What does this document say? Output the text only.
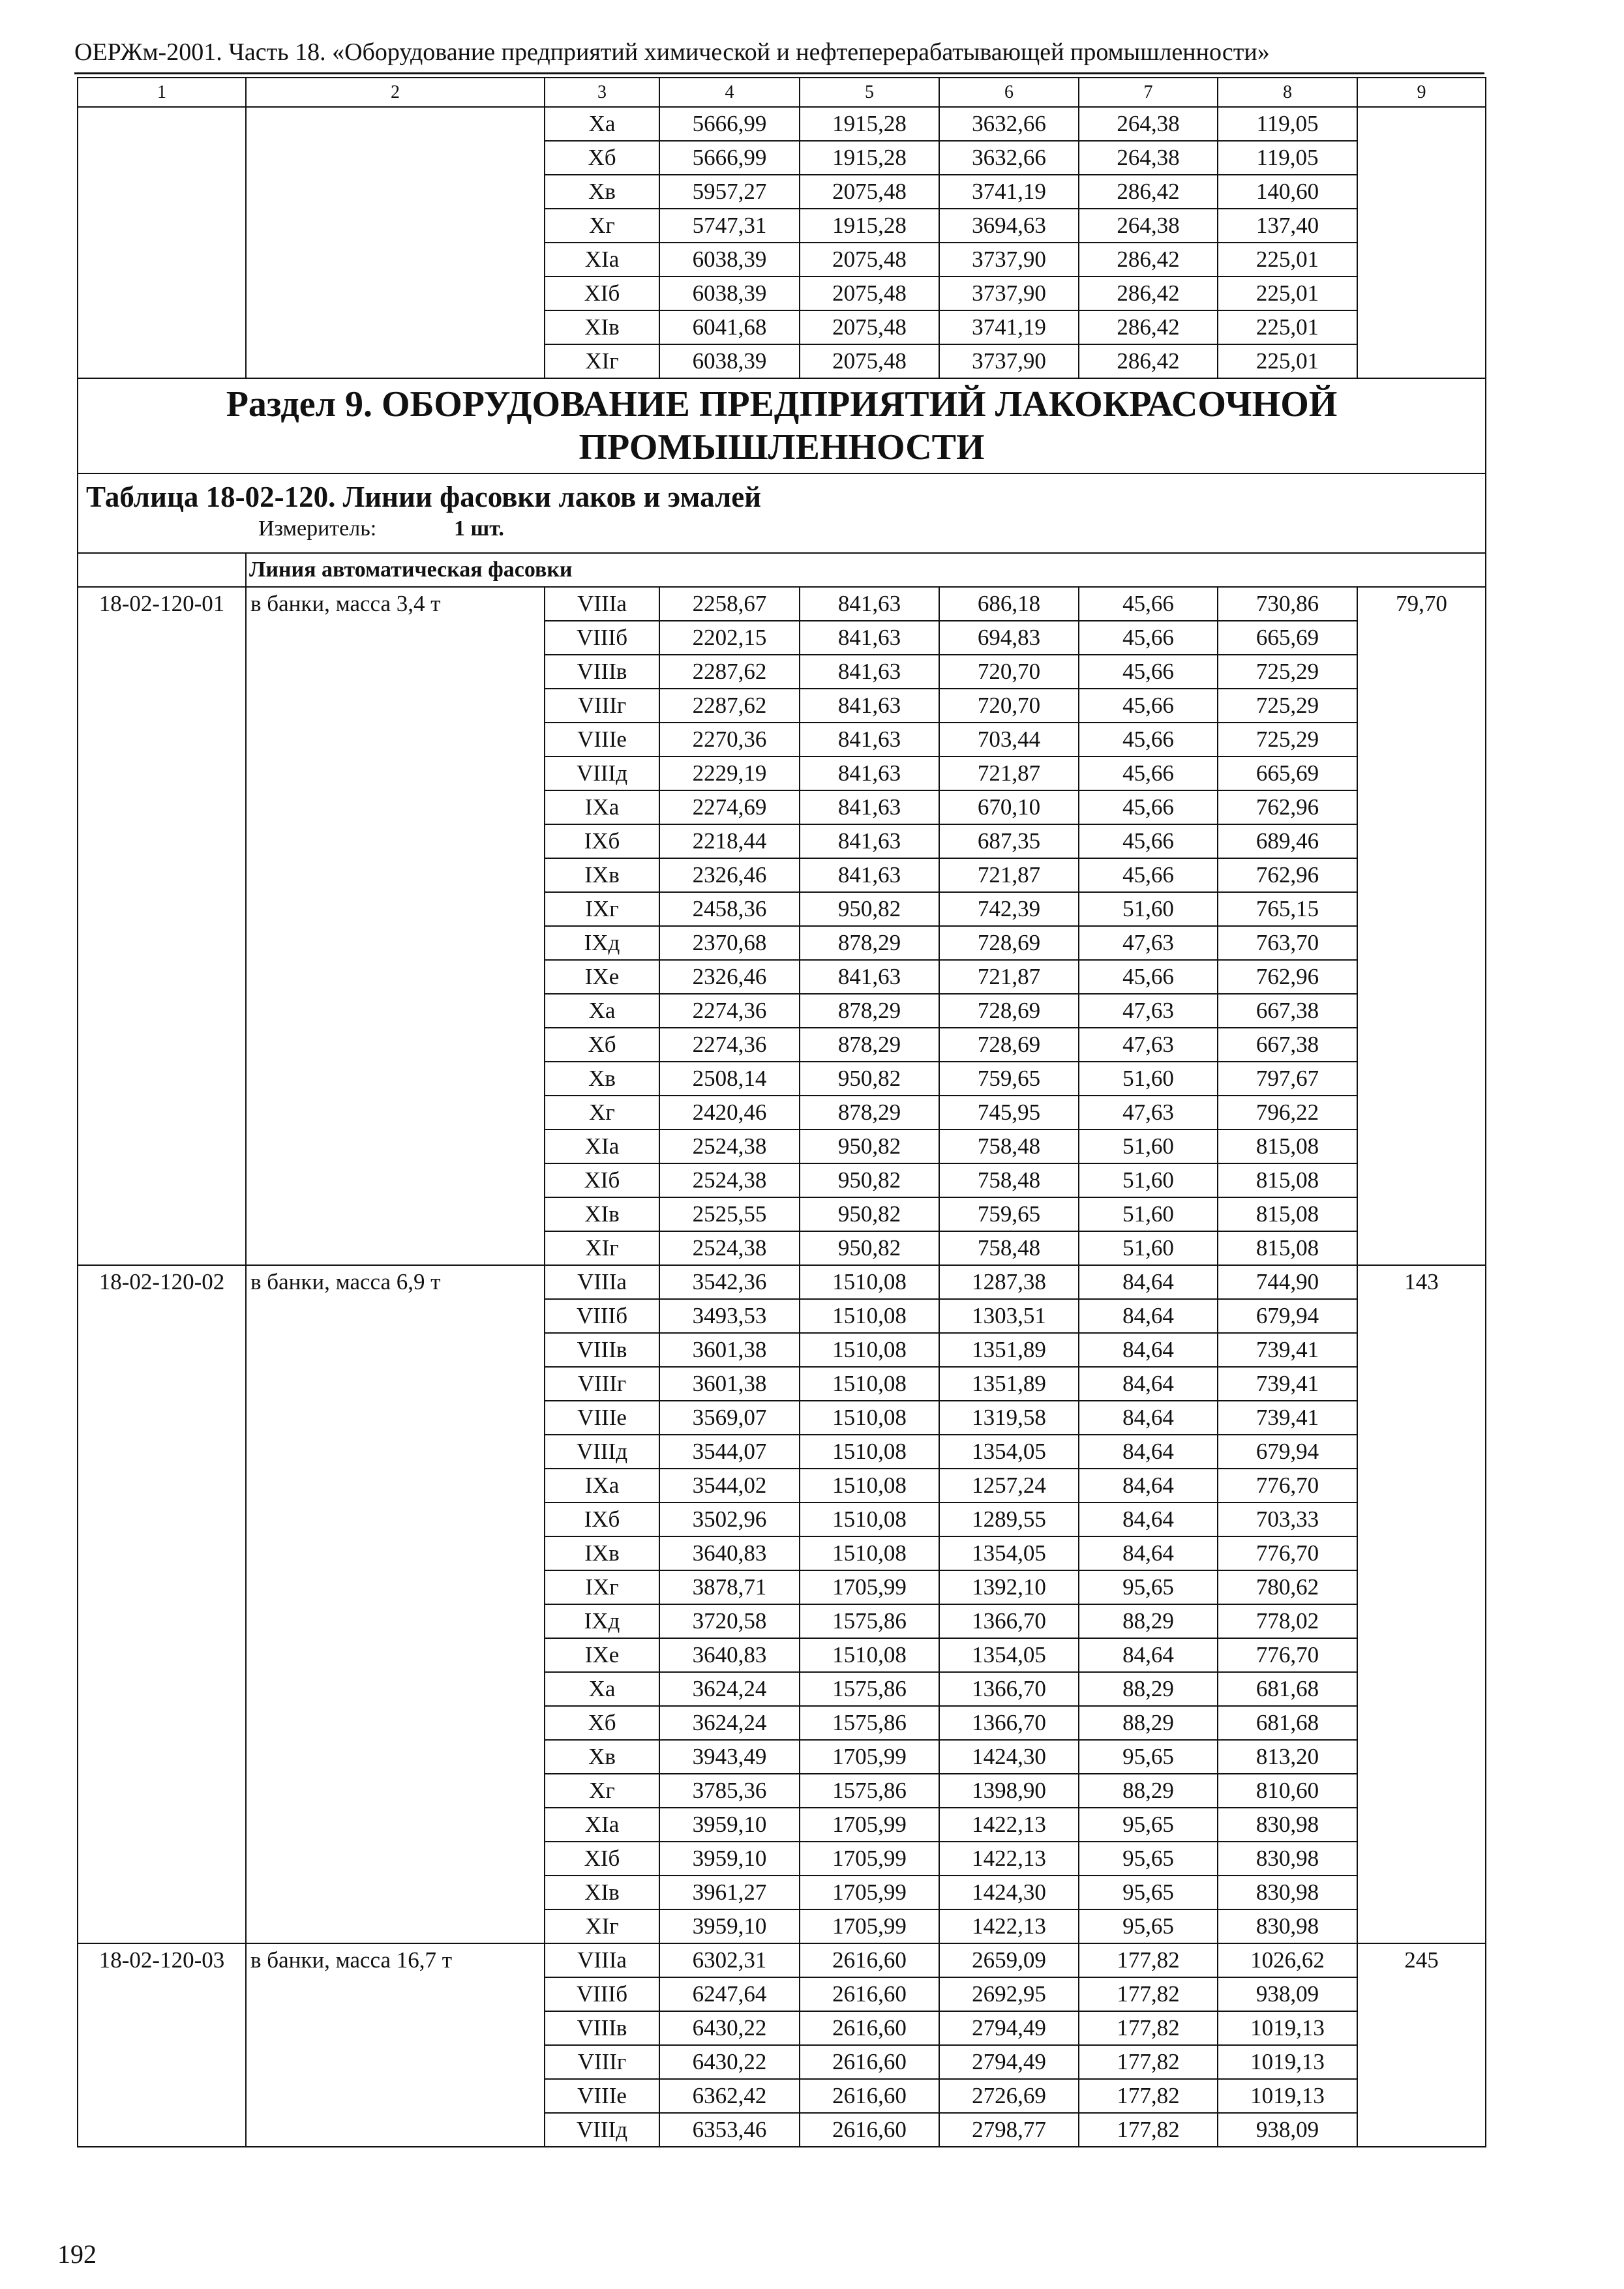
ОЕРЖм-2001. Часть 18. «Оборудование предприятий химической и нефтеперерабатывающей промышленности»
1	2	3	4	5	6	7	8	9
		Xa	5666,99	1915,28	3632,66	264,38	119,05	
		Xб	5666,99	1915,28	3632,66	264,38	119,05	
		Xв	5957,27	2075,48	3741,19	286,42	140,60	
		Xг	5747,31	1915,28	3694,63	264,38	137,40	
		XIa	6038,39	2075,48	3737,90	286,42	225,01	
		XIб	6038,39	2075,48	3737,90	286,42	225,01	
		XIв	6041,68	2075,48	3741,19	286,42	225,01	
		XIг	6038,39	2075,48	3737,90	286,42	225,01	
Раздел 9. ОБОРУДОВАНИЕ ПРЕДПРИЯТИЙ ЛАКОКРАСОЧНОЙ ПРОМЫШЛЕННОСТИ								

Таблица 18-02-120. Линии фасовки лаков и эмалей
Измеритель: 1 шт.								

	Линия автоматическая фасовки							
18-02-120-01	в банки, масса 3,4 т	VIIIa	2258,67	841,63	686,18	45,66	730,86	79,70
		VIIIб	2202,15	841,63	694,83	45,66	665,69	
		VIIIв	2287,62	841,63	720,70	45,66	725,29	
		VIIIг	2287,62	841,63	720,70	45,66	725,29	
		VIIIe	2270,36	841,63	703,44	45,66	725,29	
		VIIIд	2229,19	841,63	721,87	45,66	665,69	
		IXa	2274,69	841,63	670,10	45,66	762,96	
		IXб	2218,44	841,63	687,35	45,66	689,46	
		IXв	2326,46	841,63	721,87	45,66	762,96	
		IXг	2458,36	950,82	742,39	51,60	765,15	
		IXд	2370,68	878,29	728,69	47,63	763,70	
		IXe	2326,46	841,63	721,87	45,66	762,96	
		Xa	2274,36	878,29	728,69	47,63	667,38	
		Xб	2274,36	878,29	728,69	47,63	667,38	
		Xв	2508,14	950,82	759,65	51,60	797,67	
		Xг	2420,46	878,29	745,95	47,63	796,22	
		XIa	2524,38	950,82	758,48	51,60	815,08	
		XIб	2524,38	950,82	758,48	51,60	815,08	
		XIв	2525,55	950,82	759,65	51,60	815,08	
		XIг	2524,38	950,82	758,48	51,60	815,08	
18-02-120-02	в банки, масса 6,9 т	VIIIa	3542,36	1510,08	1287,38	84,64	744,90	143
		VIIIб	3493,53	1510,08	1303,51	84,64	679,94	
		VIIIв	3601,38	1510,08	1351,89	84,64	739,41	
		VIIIг	3601,38	1510,08	1351,89	84,64	739,41	
		VIIIe	3569,07	1510,08	1319,58	84,64	739,41	
		VIIIд	3544,07	1510,08	1354,05	84,64	679,94	
		IXa	3544,02	1510,08	1257,24	84,64	776,70	
		IXб	3502,96	1510,08	1289,55	84,64	703,33	
		IXв	3640,83	1510,08	1354,05	84,64	776,70	
		IXг	3878,71	1705,99	1392,10	95,65	780,62	
		IXд	3720,58	1575,86	1366,70	88,29	778,02	
		IXe	3640,83	1510,08	1354,05	84,64	776,70	
		Xa	3624,24	1575,86	1366,70	88,29	681,68	
		Xб	3624,24	1575,86	1366,70	88,29	681,68	
		Xв	3943,49	1705,99	1424,30	95,65	813,20	
		Xг	3785,36	1575,86	1398,90	88,29	810,60	
		XIa	3959,10	1705,99	1422,13	95,65	830,98	
		XIб	3959,10	1705,99	1422,13	95,65	830,98	
		XIв	3961,27	1705,99	1424,30	95,65	830,98	
		XIг	3959,10	1705,99	1422,13	95,65	830,98	
18-02-120-03	в банки, масса 16,7 т	VIIIa	6302,31	2616,60	2659,09	177,82	1026,62	245
		VIIIб	6247,64	2616,60	2692,95	177,82	938,09	
		VIIIв	6430,22	2616,60	2794,49	177,82	1019,13	
		VIIIг	6430,22	2616,60	2794,49	177,82	1019,13	
		VIIIe	6362,42	2616,60	2726,69	177,82	1019,13	
		VIIIд	6353,46	2616,60	2798,77	177,82	938,09	
192
